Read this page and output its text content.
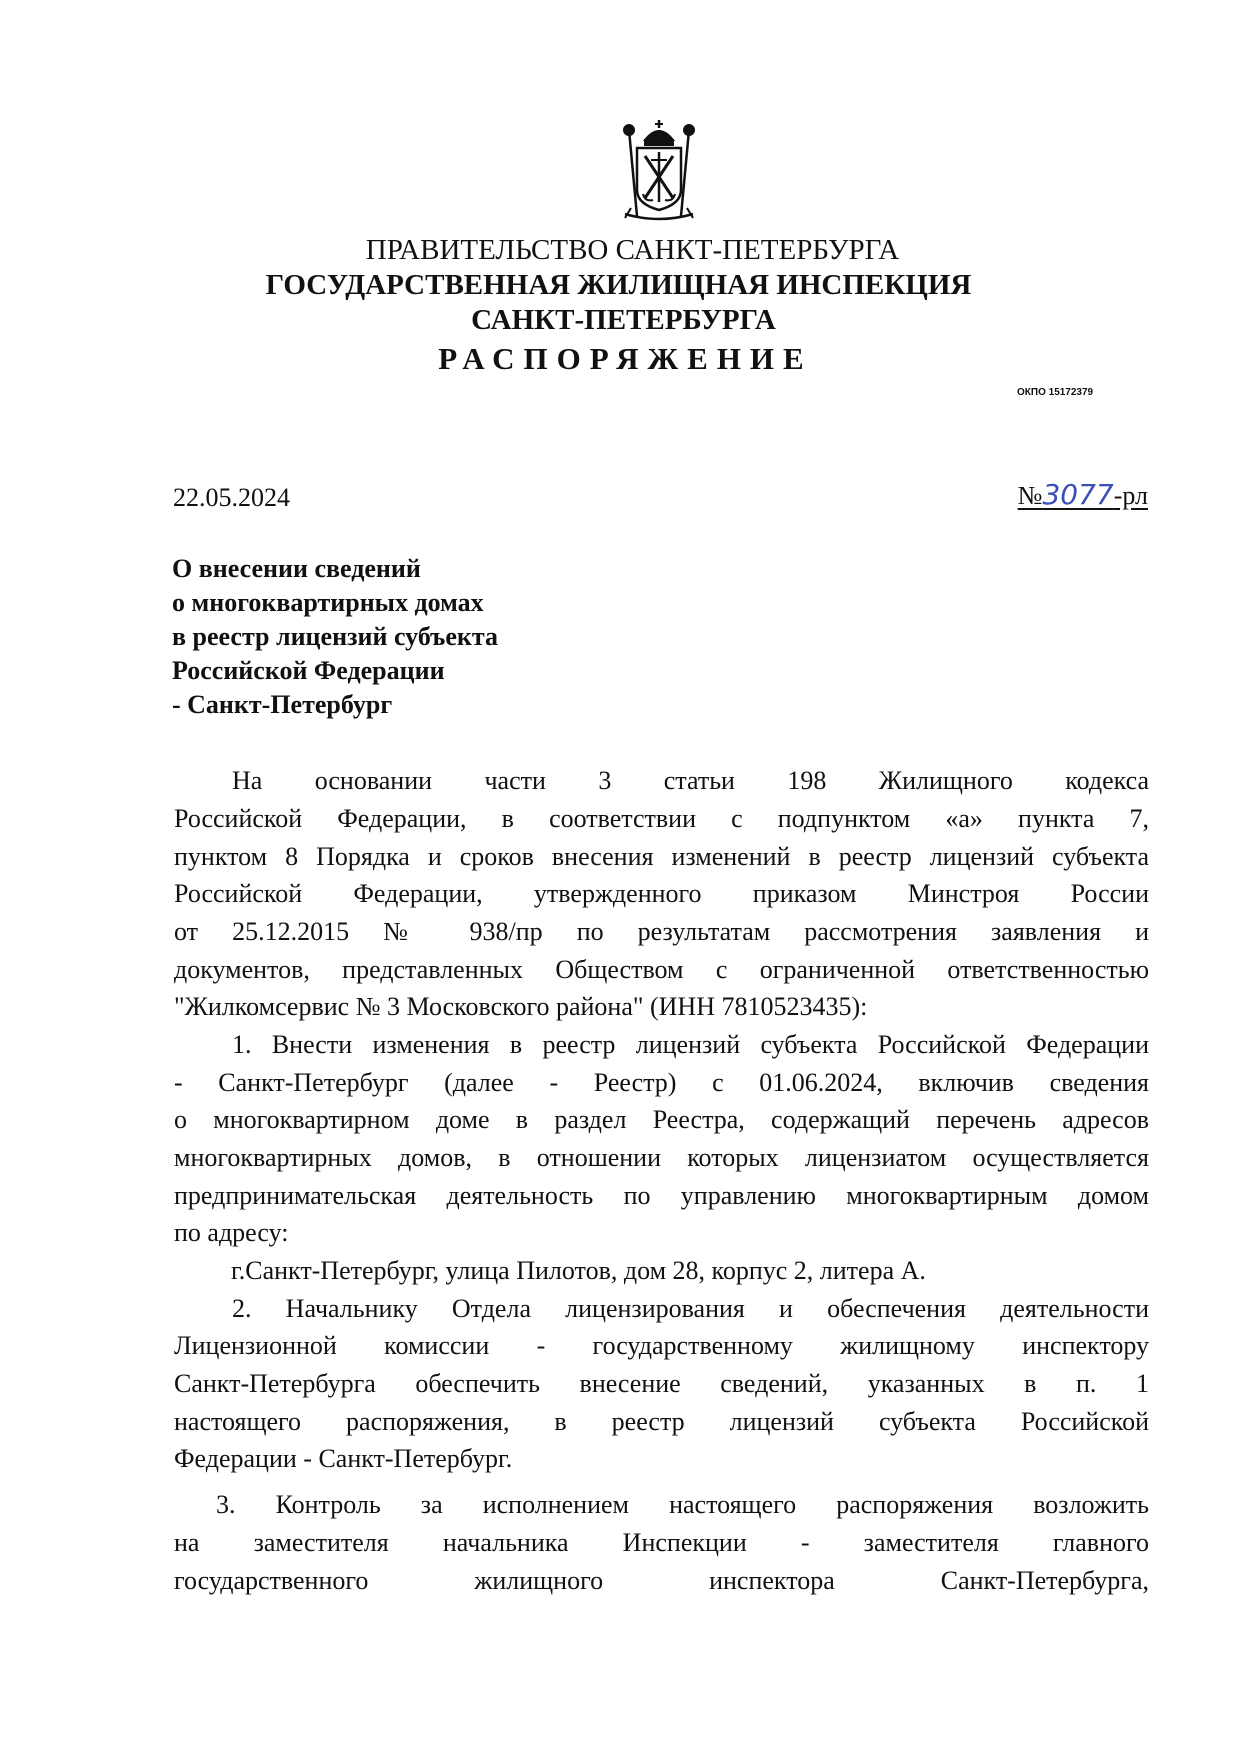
ПРАВИТЕЛЬСТВО САНКТ-ПЕТЕРБУРГА
ГОСУДАРСТВЕННАЯ ЖИЛИЩНАЯ ИНСПЕКЦИЯ
САНКТ-ПЕТЕРБУРГА
РАСПОРЯЖЕНИЕ
ОКПО 15172379
22.05.2024	№3077-рл
О внесении сведений
о многоквартирных домах
в реестр лицензий субъекта
Российской Федерации
- Санкт-Петербург
На основании части 3 статьи 198 Жилищного кодекса
Российской Федерации, в соответствии с подпунктом «а» пункта 7,
пунктом 8 Порядка и сроков внесения изменений в реестр лицензий субъекта
Российской Федерации, утвержденного приказом Минстроя России
от 25.12.2015 № 938/пр по результатам рассмотрения заявления и
документов, представленных Обществом с ограниченной ответственностью
"Жилкомсервис № 3 Московского района" (ИНН 7810523435):
1. Внести изменения в реестр лицензий субъекта Российской Федерации
- Санкт-Петербург (далее - Реестр) с 01.06.2024, включив сведения
о многоквартирном доме в раздел Реестра, содержащий перечень адресов
многоквартирных домов, в отношении которых лицензиатом осуществляется
предпринимательская деятельность по управлению многоквартирным домом
по адресу:
г.Санкт-Петербург, улица Пилотов, дом 28, корпус 2, литера А.
2. Начальнику Отдела лицензирования и обеспечения деятельности
Лицензионной комиссии - государственному жилищному инспектору
Санкт-Петербурга обеспечить внесение сведений, указанных в п. 1
настоящего распоряжения, в реестр лицензий субъекта Российской
Федерации - Санкт-Петербург.
3. Контроль за исполнением настоящего распоряжения возложить
на заместителя начальника Инспекции - заместителя главного
государственного жилищного инспектора Санкт-Петербурга,
